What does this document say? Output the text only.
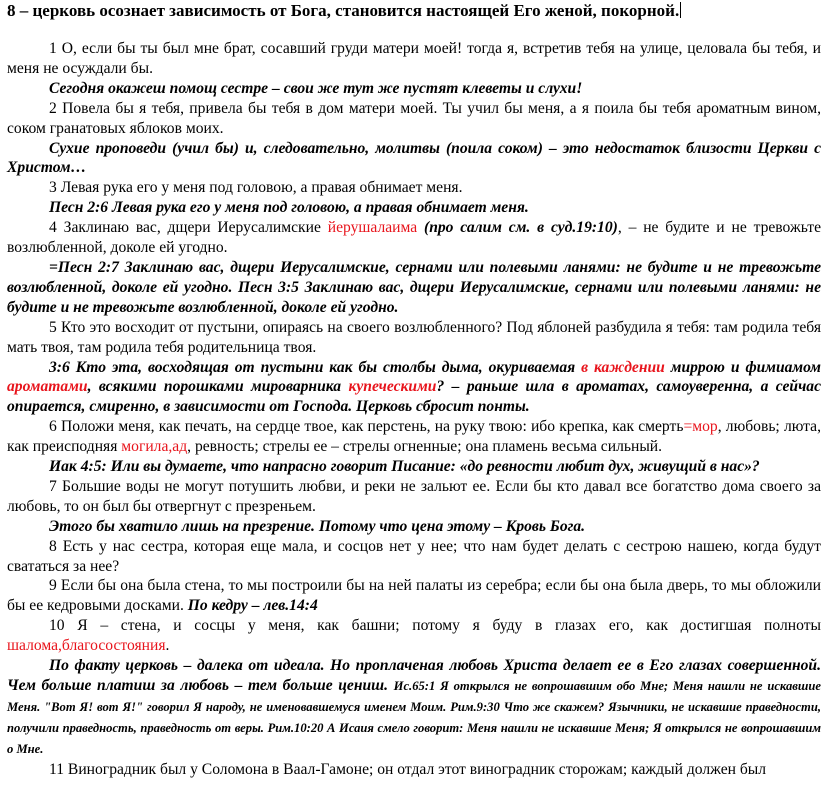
8 – церковь осознает зависимость от Бога, становится настоящей Его женой, покорной.

1 О, если бы ты был мне брат, сосавший груди матери моей! тогда я, встретив тебя на улице, целовала бы тебя, и меня не осуждали бы.

Сегодня окажеш помощ сестре – свои же тут же пустят клеветы и слухи!

2 Повела бы я тебя, привела бы тебя в дом матери моей. Ты учил бы меня, а я поила бы тебя ароматным вином, соком гранатовых яблоков моих.

Сухие проповеди (учил бы) и, следовательно, молитвы (поила соком) – это недостаток близости Церкви с Христом…

3 Левая рука его у меня под головою, а правая обнимает меня.

Песн 2:6 Левая рука его у меня под головою, а правая обнимает меня.

4 Заклинаю вас, дщери Иерусалимские йерушалаима (про салим см. в суд.19:10), – не будите и не тревожьте возлюбленной, доколе ей угодно.

=Песн 2:7 Заклинаю вас, дщери Иерусалимские, сернами или полевыми ланями: не будите и не тревожьте возлюбленной, доколе ей угодно. Песн 3:5 Заклинаю вас, дщери Иерусалимские, сернами или полевыми ланями: не будите и не тревожьте возлюбленной, доколе ей угодно.

5 Кто это восходит от пустыни, опираясь на своего возлюбленного? Под яблоней разбудила я тебя: там родила тебя мать твоя, там родила тебя родительница твоя.

3:6 Кто эта, восходящая от пустыни как бы столбы дыма, окуриваемая в каждении миррою и фимиамом ароматами, всякими порошками мироварника купеческими? – раньше шла в ароматах, самоуверенна, а сейчас опирается, смиренно, в зависимости от Господа. Церковь сбросит понты.

6 Положи меня, как печать, на сердце твое, как перстень, на руку твою: ибо крепка, как смерть=мор, любовь; люта, как преисподняя могила,ад, ревность; стрелы ее – стрелы огненные; она пламень весьма сильный.

Иак 4:5: Или вы думаете, что напрасно говорит Писание: «до ревности любит дух, живущий в нас»?

7 Большие воды не могут потушить любви, и реки не зальют ее. Если бы кто давал все богатство дома своего за любовь, то он был бы отвергнут с презреньем.

Этого бы хватило лишь на презрение. Потому что цена этому – Кровь Бога.

8 Есть у нас сестра, которая еще мала, и сосцов нет у нее; что нам будет делать с сестрою нашею, когда будут свататься за нее?

9 Если бы она была стена, то мы построили бы на ней палаты из серебра; если бы она была дверь, то мы обложили бы ее кедровыми досками. По кедру – лев.14:4

10 Я – стена, и сосцы у меня, как башни; потому я буду в глазах его, как достигшая полноты шалома,благосостояния.

По факту церковь – далека от идеала. Но проплаченая любовь Христа делает ее в Его глазах совершенной. Чем больше платиш за любовь – тем больше цениш. Ис.65:1 Я открылся не вопрошавшим обо Мне; Меня нашли не искавшие Меня. "Вот Я! вот Я!" говорил Я народу, не именовавшемуся именем Моим. Рим.9:30 Что же скажем? Язычники, не искавшие праведности, получили праведность, праведность от веры. Рим.10:20 А Исаия смело говорит: Меня нашли не искавшие Меня; Я открылся не вопрошавшим о Мне.

11 Виноградник был у Соломона в Ваал-Гамоне; он отдал этот виноградник сторожам; каждый должен был
